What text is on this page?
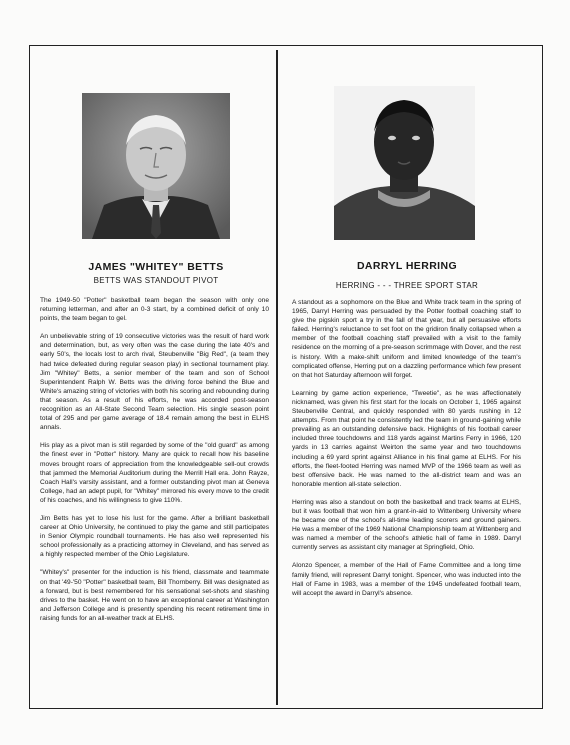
JAMES "WHITEY" BETTS
BETTS WAS STANDOUT PIVOT

The 1949-50 "Potter" basketball team began the season with only one returning letterman, and after an 0-3 start, by a combined deficit of only 10 points, the team began to gel.

An unbelievable string of 19 consecutive victories was the result of hard work and determination, but, as very often was the case during the late 40's and early 50's, the locals lost to arch rival, Steubenville "Big Red", (a team they had twice defeated during regular season play) in sectional tournament play. Jim "Whitey" Betts, a senior member of the team and son of School Superintendent Ralph W. Betts was the driving force behind the Blue and White's amazing string of victories with both his scoring and rebounding during that season. As a result of his efforts, he was accorded post-season recognition as an All-State Second Team selection. His single season point total of 295 and per game average of 18.4 remain among the best in ELHS annals.

His play as a pivot man is still regarded by some of the "old guard" as among the finest ever in "Potter" history. Many are quick to recall how his baseline moves brought roars of appreciation from the knowledgeable sell-out crowds that jammed the Memorial Auditorium during the Merrill Hall era. John Rayze, Coach Hall's varsity assistant, and a former outstanding pivot man at Geneva College, had an adept pupil, for "Whitey" mirrored his every move to the credit of his coaches, and his willingness to give 110%.

Jim Betts has yet to lose his lust for the game. After a brilliant basketball career at Ohio University, he continued to play the game and still participates in Senior Olympic roundball tournaments. He has also well represented his school professionally as a practicing attorney in Cleveland, and has served as a highly respected member of the Ohio Legislature.

"Whitey's" presenter for the induction is his friend, classmate and teammate on that '49-'50 "Potter" basketball team, Bill Thornberry. Bill was designated as a forward, but is best remembered for his sensational set-shots and slashing drives to the basket. He went on to have an exceptional career at Washington and Jefferson College and is presently spending his recent retirement time in raising funds for an all-weather track at ELHS.

DARRYL HERRING
HERRING - - - THREE SPORT STAR

A standout as a sophomore on the Blue and White track team in the spring of 1965, Darryl Herring was persuaded by the Potter football coaching staff to give the pigskin sport a try in the fall of that year, but all persuasive efforts failed. Herring's reluctance to set foot on the gridiron finally collapsed when a member of the football coaching staff prevailed with a visit to the family residence on the morning of a pre-season scrimmage with Dover, and the rest is history. With a make-shift uniform and limited knowledge of the team's complicated offense, Herring put on a dazzling performance which few present on that hot Saturday afternoon will forget.

Learning by game action experience, "Tweetie", as he was affectionately nicknamed, was given his first start for the locals on October 1, 1965 against Steubenville Central, and quickly responded with 80 yards rushing in 12 attempts. From that point he consistently led the team in ground-gaining while prevailing as an outstanding defensive back. Highlights of his football career included three touchdowns and 118 yards against Martins Ferry in 1966, 120 yards in 13 carries against Weirton the same year and two touchdowns including a 69 yard sprint against Alliance in his final game at ELHS. For his efforts, the fleet-footed Herring was named MVP of the 1966 team as well as best offensive back. He was named to the all-district team and was an honorable mention all-state selection.

Herring was also a standout on both the basketball and track teams at ELHS, but it was football that won him a grant-in-aid to Wittenberg University where he became one of the school's all-time leading scorers and ground gainers. He was a member of the 1969 National Championship team at Wittenberg and was named a member of the school's athletic hall of fame in 1989. Darryl currently serves as assistant city manager at Springfield, Ohio.

Alonzo Spencer, a member of the Hall of Fame Committee and a long time family friend, will represent Darryl tonight. Spencer, who was inducted into the Hall of Fame in 1983, was a member of the 1945 undefeated football team, will accept the award in Darryl's absence.
